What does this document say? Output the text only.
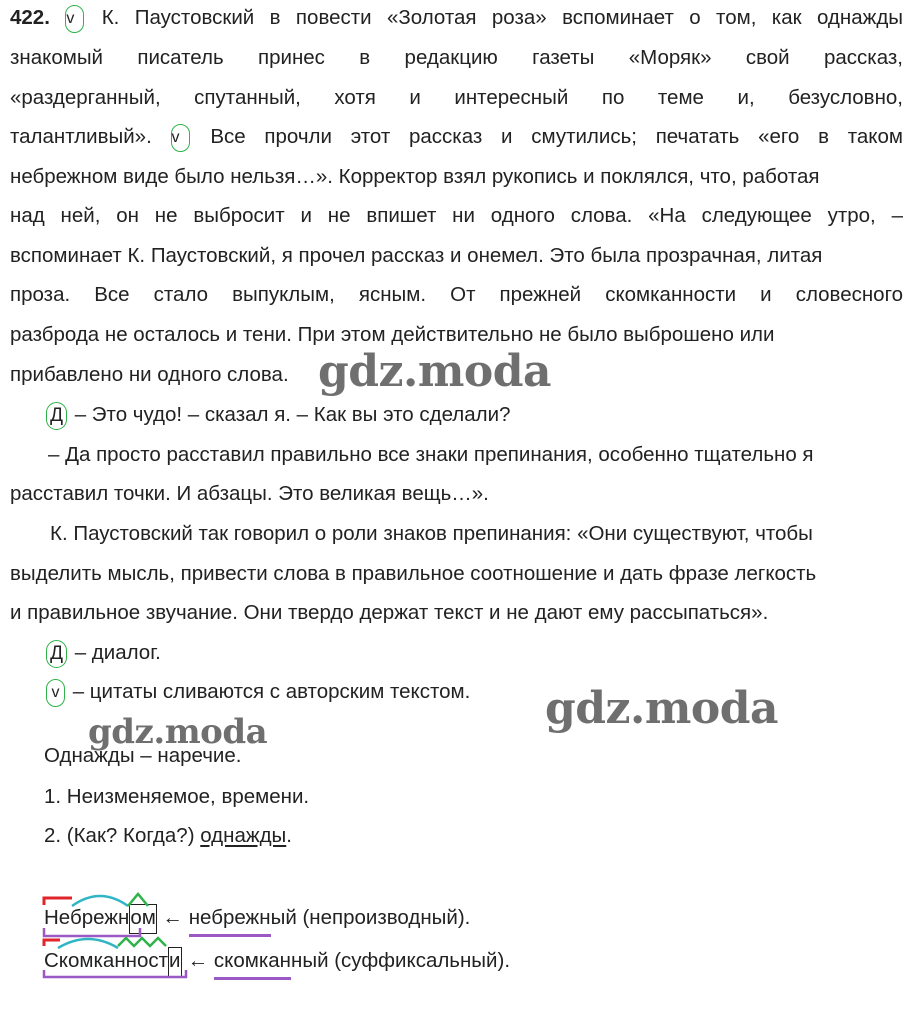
422. v К. Паустовский в повести «Золотая роза» вспоминает о том, как однажды
знакомый писатель принес в редакцию газеты «Моряк» свой рассказ,
«раздерганный, спутанный, хотя и интересный по теме и, безусловно,
талантливый». v Все прочли этот рассказ и смутились; печатать «его в таком
небрежном виде было нельзя…». Корректор взял рукопись и поклялся, что, работая
над ней, он не выбросит и не впишет ни одного слова. «На следующее утро, –
вспоминает К. Паустовский, я прочел рассказ и онемел. Это была прозрачная, литая
проза. Все стало выпуклым, ясным. От прежней скомканности и словесного
разброда не осталось и тени. При этом действительно не было выброшено или
прибавлено ни одного слова.
Д – Это чудо! – сказал я. – Как вы это сделали?
– Да просто расставил правильно все знаки препинания, особенно тщательно я
расставил точки. И абзацы. Это великая вещь…».
К. Паустовский так говорил о роли знаков препинания: «Они существуют, чтобы
выделить мысль, привести слова в правильное соотношение и дать фразе легкость
и правильное звучание. Они твердо держат текст и не дают ему рассыпаться».
Д – диалог.
v – цитаты сливаются с авторским текстом.
Однажды – наречие.
1. Неизменяемое, времени.
2. (Как? Когда?) однажды.
Небрежном ← небрежный (непроизводный).
Скомканности ← скомканный (суффиксальный).
gdz.moda
gdz.moda
gdz.moda
